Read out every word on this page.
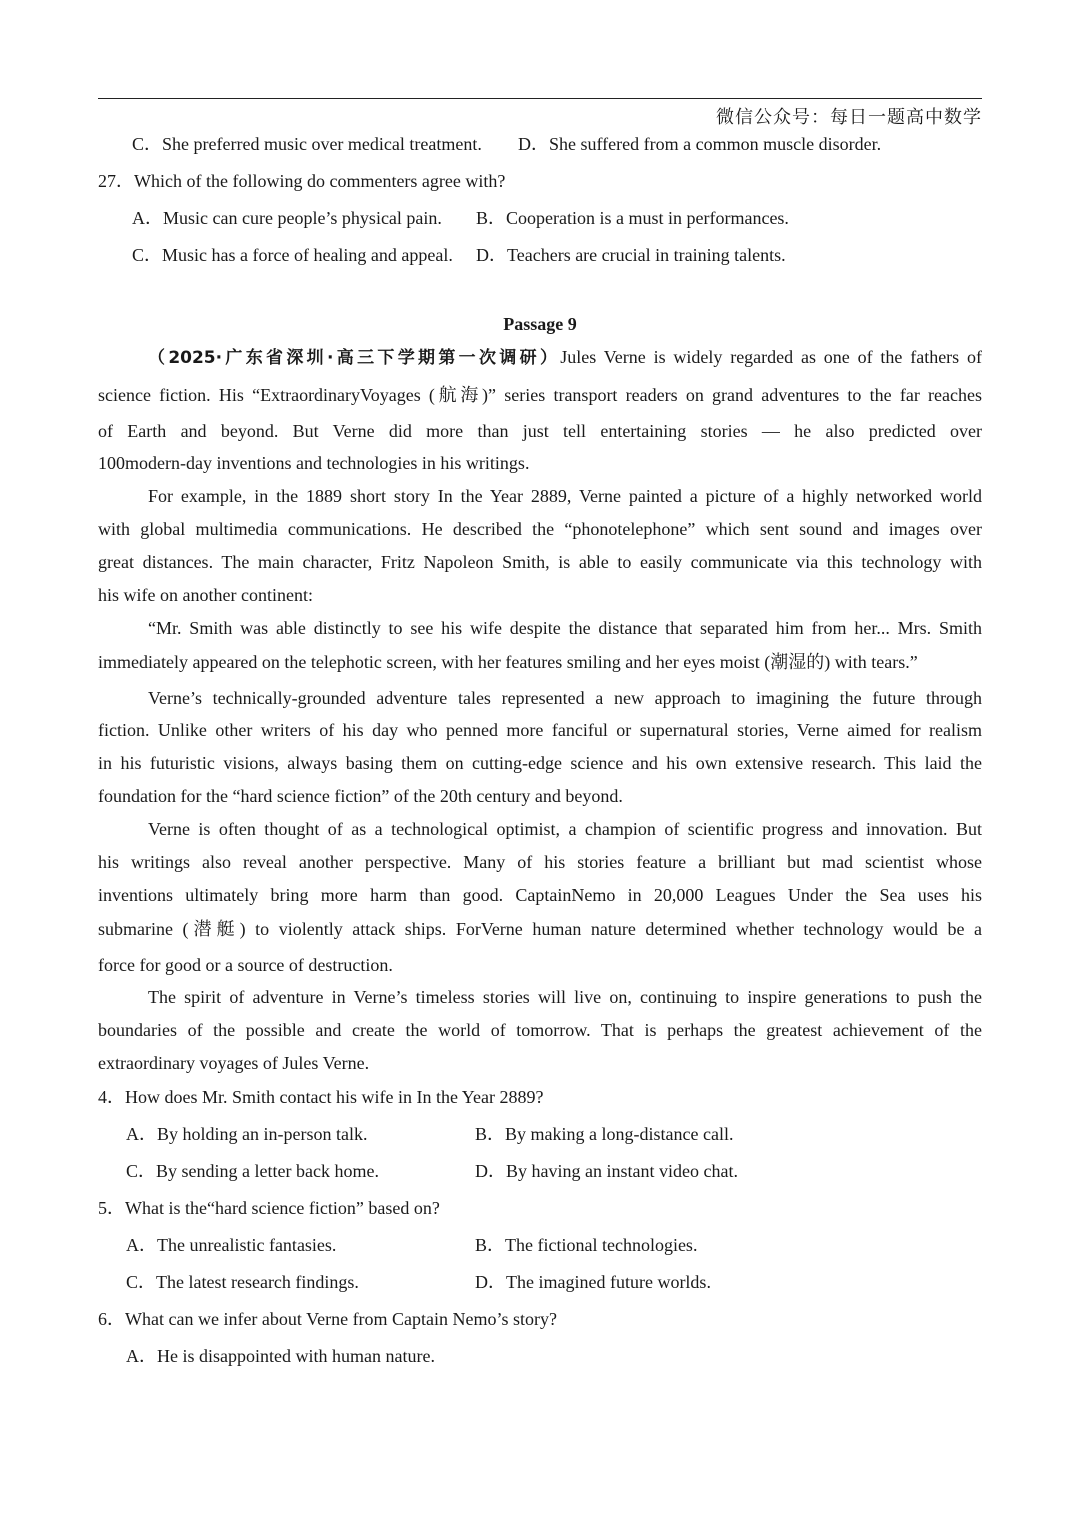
微信公众号：每日一题高中数学
C．She preferred music over medical treatment. D．She suffered from a common muscle disorder.
27．Which of the following do commenters agree with?
A．Music can cure people’s physical pain. B．Cooperation is a must in performances.
C．Music has a force of healing and appeal. D．Teachers are crucial in training talents.
Passage 9
（2025·广东省深圳·高三下学期第一次调研）Jules Verne is widely regarded as one of the fathers of
science fiction. His “ExtraordinaryVoyages (航海)” series transport readers on grand adventures to the far reaches
of Earth and beyond. But Verne did more than just tell entertaining stories — he also predicted over
100modern-day inventions and technologies in his writings.
For example, in the 1889 short story In the Year 2889, Verne painted a picture of a highly networked world
with global multimedia communications. He described the “phonotelephone” which sent sound and images over
great distances. The main character, Fritz Napoleon Smith, is able to easily communicate via this technology with
his wife on another continent:
“Mr. Smith was able distinctly to see his wife despite the distance that separated him from her... Mrs. Smith
immediately appeared on the telephotic screen, with her features smiling and her eyes moist (潮湿的) with tears.”
Verne’s technically-grounded adventure tales represented a new approach to imagining the future through
fiction. Unlike other writers of his day who penned more fanciful or supernatural stories, Verne aimed for realism
in his futuristic visions, always basing them on cutting-edge science and his own extensive research. This laid the
foundation for the “hard science fiction” of the 20th century and beyond.
Verne is often thought of as a technological optimist, a champion of scientific progress and innovation. But
his writings also reveal another perspective. Many of his stories feature a brilliant but mad scientist whose
inventions ultimately bring more harm than good. CaptainNemo in 20,000 Leagues Under the Sea uses his
submarine (潜艇) to violently attack ships. ForVerne human nature determined whether technology would be a
force for good or a source of destruction.
The spirit of adventure in Verne’s timeless stories will live on, continuing to inspire generations to push the
boundaries of the possible and create the world of tomorrow. That is perhaps the greatest achievement of the
extraordinary voyages of Jules Verne.
4．How does Mr. Smith contact his wife in In the Year 2889?
A．By holding an in-person talk.	B．By making a long-distance call.
C．By sending a letter back home.	D．By having an instant video chat.
5．What is the“hard science fiction” based on?
A．The unrealistic fantasies.	B．The fictional technologies.
C．The latest research findings.	D．The imagined future worlds.
6．What can we infer about Verne from Captain Nemo’s story?
A．He is disappointed with human nature.
